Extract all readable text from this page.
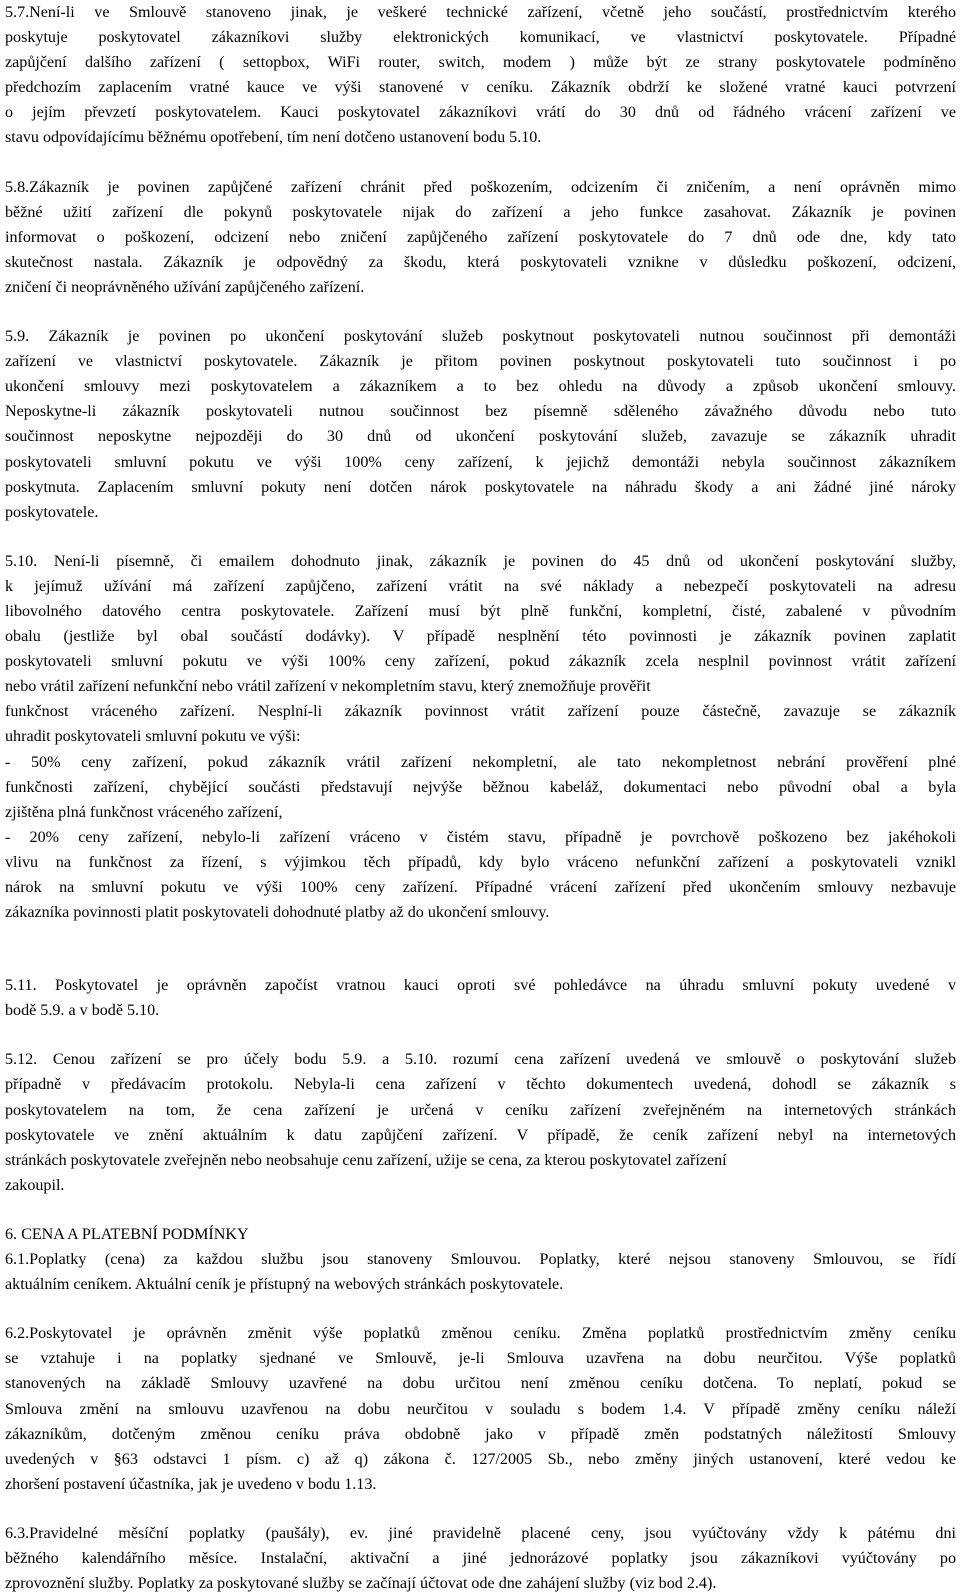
5.7.Není-li ve Smlouvě stanoveno jinak, je veškeré technické zařízení, včetně jeho součástí, prostřednictvím kterého
poskytuje poskytovatel zákazníkovi služby elektronických komunikací, ve vlastnictví poskytovatele. Případné
zapůjčení dalšího zařízení ( settopbox, WiFi router, switch, modem ) může být ze strany poskytovatele podmíněno
předchozím zaplacením vratné kauce ve výši stanovené v ceníku. Zákazník obdrží ke složené vratné kauci potvrzení
o jejím převzetí poskytovatelem. Kauci poskytovatel zákazníkovi vrátí do 30 dnů od řádného vrácení zařízení ve
stavu odpovídajícímu běžnému opotřebení, tím není dotčeno ustanovení bodu 5.10.
5.8.Zákazník je povinen zapůjčené zařízení chránit před poškozením, odcizením či zničením, a není oprávněn mimo
běžné užití zařízení dle pokynů poskytovatele nijak do zařízení a jeho funkce zasahovat. Zákazník je povinen
informovat o poškození, odcizení nebo zničení zapůjčeného zařízení poskytovatele do 7 dnů ode dne, kdy tato
skutečnost nastala. Zákazník je odpovědný za škodu, která poskytovateli vznikne v důsledku poškození, odcizení,
zničení či neoprávněného užívání zapůjčeného zařízení.
5.9. Zákazník je povinen po ukončení poskytování služeb poskytnout poskytovateli nutnou součinnost při demontáži
zařízení ve vlastnictví poskytovatele. Zákazník je přitom povinen poskytnout poskytovateli tuto součinnost i po
ukončení smlouvy mezi poskytovatelem a zákazníkem a to bez ohledu na důvody a způsob ukončení smlouvy.
Neposkytne-li zákazník poskytovateli nutnou součinnost bez písemně sděleného závažného důvodu nebo tuto
součinnost neposkytne nejpozději do 30 dnů od ukončení poskytování služeb, zavazuje se zákazník uhradit
poskytovateli smluvní pokutu ve výši 100% ceny zařízení, k jejichž demontáži nebyla součinnost zákazníkem
poskytnuta. Zaplacením smluvní pokuty není dotčen nárok poskytovatele na náhradu škody a ani žádné jiné nároky
poskytovatele.
5.10. Není-li písemně, či emailem dohodnuto jinak, zákazník je povinen do 45 dnů od ukončení poskytování služby,
k jejímuž užívání má zařízení zapůjčeno, zařízení vrátit na své náklady a nebezpečí poskytovateli na adresu
libovolného datového centra poskytovatele. Zařízení musí být plně funkční, kompletní, čisté, zabalené v původním
obalu (jestliže byl obal součástí dodávky). V případě nesplnění této povinnosti je zákazník povinen zaplatit
poskytovateli smluvní pokutu ve výši 100% ceny zařízení, pokud zákazník zcela nesplnil povinnost vrátit zařízení
nebo vrátil zařízení nefunkční nebo vrátil zařízení v nekompletním stavu, který znemožňuje prověřit
funkčnost vráceného zařízení. Nesplní-li zákazník povinnost vrátit zařízení pouze částečně, zavazuje se zákazník
uhradit poskytovateli smluvní pokutu ve výši:
- 50% ceny zařízení, pokud zákazník vrátil zařízení nekompletní, ale tato nekompletnost nebrání prověření plné
funkčnosti zařízení, chybějící součásti představují nejvýše běžnou kabeláž, dokumentaci nebo původní obal a byla
zjištěna plná funkčnost vráceného zařízení,
- 20% ceny zařízení, nebylo-li zařízení vráceno v čistém stavu, případně je povrchově poškozeno bez jakéhokoli
vlivu na funkčnost za řízení, s výjimkou těch případů, kdy bylo vráceno nefunkční zařízení a poskytovateli vznikl
nárok na smluvní pokutu ve výši 100% ceny zařízení. Případné vrácení zařízení před ukončením smlouvy nezbavuje
zákazníka povinnosti platit poskytovateli dohodnuté platby až do ukončení smlouvy.
5.11. Poskytovatel je oprávněn započíst vratnou kauci oproti své pohledávce na úhradu smluvní pokuty uvedené v
bodě 5.9. a v bodě 5.10.
5.12. Cenou zařízení se pro účely bodu 5.9. a 5.10. rozumí cena zařízení uvedená ve smlouvě o poskytování služeb
případně v předávacím protokolu. Nebyla-li cena zařízení v těchto dokumentech uvedená, dohodl se zákazník s
poskytovatelem na tom, že cena zařízení je určená v ceníku zařízení zveřejněném na internetových stránkách
poskytovatele ve znění aktuálním k datu zapůjčení zařízení. V případě, že ceník zařízení nebyl na internetových
stránkách poskytovatele zveřejněn nebo neobsahuje cenu zařízení, užije se cena, za kterou poskytovatel zařízení
zakoupil.
6. CENA A PLATEBNÍ PODMÍNKY
6.1.Poplatky (cena) za každou službu jsou stanoveny Smlouvou. Poplatky, které nejsou stanoveny Smlouvou, se řídí
aktuálním ceníkem. Aktuální ceník je přístupný na webových stránkách poskytovatele.
6.2.Poskytovatel je oprávněn změnit výše poplatků změnou ceníku. Změna poplatků prostřednictvím změny ceníku
se vztahuje i na poplatky sjednané ve Smlouvě, je-li Smlouva uzavřena na dobu neurčitou. Výše poplatků
stanovených na základě Smlouvy uzavřené na dobu určitou není změnou ceníku dotčena. To neplatí, pokud se
Smlouva změní na smlouvu uzavřenou na dobu neurčitou v souladu s bodem 1.4. V případě změny ceníku náleží
zákazníkům, dotčeným změnou ceníku práva obdobně jako v případě změn podstatných náležitostí Smlouvy
uvedených v §63 odstavci 1 písm. c) až q) zákona č. 127/2005 Sb., nebo změny jiných ustanovení, které vedou ke
zhoršení postavení účastníka, jak je uvedeno v bodu 1.13.
6.3.Pravidelné měsíční poplatky (paušály), ev. jiné pravidelně placené ceny, jsou vyúčtovány vždy k pátému dni
běžného kalendářního měsíce. Instalační, aktivační a jiné jednorázové poplatky jsou zákazníkovi vyúčtovány po
zprovoznění služby. Poplatky za poskytované služby se začínají účtovat ode dne zahájení služby (viz bod 2.4).
